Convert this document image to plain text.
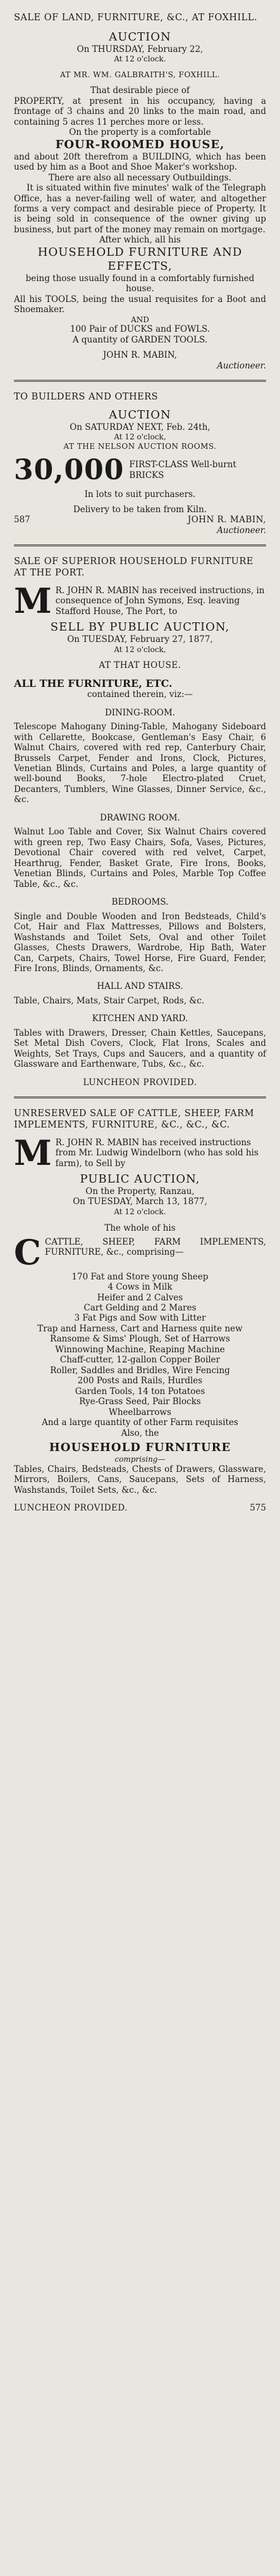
SALE OF LAND, FURNITURE, &C., AT FOXHILL.
AUCTION
On THURSDAY, February 22,
At 12 o'clock.
AT MR. WM. GALBRAITH'S, FOXHILL.
That desirable piece of
PROPERTY, at present in his occupancy, having a frontage of 3 chains and 20 links to the main road, and containing 5 acres 11 perches more or less.
On the property is a comfortable
FOUR-ROOMED HOUSE,
and about 20ft therefrom a BUILDING, which has been used by him as a Boot and Shoe Maker's workshop.
There are also all necessary Outbuildings.
It is situated within five minutes' walk of the Telegraph Office, has a never-failing well of water, and altogether forms a very compact and desirable piece of Property. It is being sold in consequence of the owner giving up business, but part of the money may remain on mortgage.
After which, all his
HOUSEHOLD FURNITURE AND EFFECTS,
being those usually found in a comfortably furnished house.
All his TOOLS, being the usual requisites for a Boot and Shoemaker.
AND
100 Pair of DUCKS and FOWLS.
A quantity of GARDEN TOOLS.
JOHN R. MABIN,
Auctioneer.
TO BUILDERS AND OTHERS
AUCTION
On SATURDAY NEXT, Feb. 24th,
At 12 o'clock,
AT THE NELSON AUCTION ROOMS.
30,000 FIRST-CLASS Well-burnt BRICKS
In lots to suit purchasers.
Delivery to be taken from Kiln.
587	JOHN R. MABIN,
Auctioneer.
SALE OF SUPERIOR HOUSEHOLD FURNITURE AT THE PORT.
M R. JOHN R. MABIN has received instructions, in consequence of John Symons, Esq. leaving Stafford House, The Port, to
SELL BY PUBLIC AUCTION,
On TUESDAY, February 27, 1877,
At 12 o'clock,
AT THAT HOUSE.
ALL THE FURNITURE, ETC.
contained therein, viz:—
DINING-ROOM.
Telescope Mahogany Dining-Table, Mahogany Sideboard with Cellarette, Bookcase, Gentleman's Easy Chair, 6 Walnut Chairs, covered with red rep, Canterbury Chair, Brussels Carpet, Fender and Irons, Clock, Pictures, Venetian Blinds, Curtains and Poles, a large quantity of well-bound Books, 7-hole Electro-plated Cruet, Decanters, Tumblers, Wine Glasses, Dinner Service, &c., &c.
DRAWING ROOM.
Walnut Loo Table and Cover, Six Walnut Chairs covered with green rep, Two Easy Chairs, Sofa, Vases, Pictures, Devotional Chair covered with red velvet, Carpet, Hearthrug, Fender, Basket Grate, Fire Irons, Books, Venetian Blinds, Curtains and Poles, Marble Top Coffee Table, &c., &c.
BEDROOMS.
Single and Double Wooden and Iron Bedsteads, Child's Cot, Hair and Flax Mattresses, Pillows and Bolsters, Washstands and Toilet Sets, Oval and other Toilet Glasses, Chests Drawers, Wardrobe, Hip Bath, Water Can, Carpets, Chairs, Towel Horse, Fire Guard, Fender, Fire Irons, Blinds, Ornaments, &c.
HALL AND STAIRS.
Table, Chairs, Mats, Stair Carpet, Rods, &c.
KITCHEN AND YARD.
Tables with Drawers, Dresser, Chain Kettles, Saucepans, Set Metal Dish Covers, Clock, Flat Irons, Scales and Weights, Set Trays, Cups and Saucers, and a quantity of Glassware and Earthenware, Tubs, &c., &c.
LUNCHEON PROVIDED.
UNRESERVED SALE OF CATTLE, SHEEP, FARM IMPLEMENTS, FURNITURE, &C., &C., &C.
M R. JOHN R. MABIN has received instructions from Mr. Ludwig Windelborn (who has sold his farm), to Sell by
PUBLIC AUCTION,
On the Property, Ranzau,
On TUESDAY, March 13, 1877,
At 12 o'clock.
The whole of his
C CATTLE, SHEEP, FARM IMPLEMENTS, FURNITURE, &c., comprising—
170 Fat and Store young Sheep
4 Cows in Milk
Heifer and 2 Calves
Cart Gelding and 2 Mares
3 Fat Pigs and Sow with Litter
Trap and Harness, Cart and Harness quite new
Ransome & Sims' Plough, Set of Harrows
Winnowing Machine, Reaping Machine
Chaff-cutter, 12-gallon Copper Boiler
Roller, Saddles and Bridles, Wire Fencing
200 Posts and Rails, Hurdles
Garden Tools, 14 ton Potatoes
Rye-Grass Seed, Pair Blocks
Wheelbarrows
And a large quantity of other Farm requisites
Also, the
HOUSEHOLD FURNITURE
comprising—
Tables, Chairs, Bedsteads, Chests of Drawers, Glassware, Mirrors, Boilers, Cans, Saucepans, Sets of Harness, Washstands, Toilet Sets, &c., &c.
LUNCHEON PROVIDED.	575
